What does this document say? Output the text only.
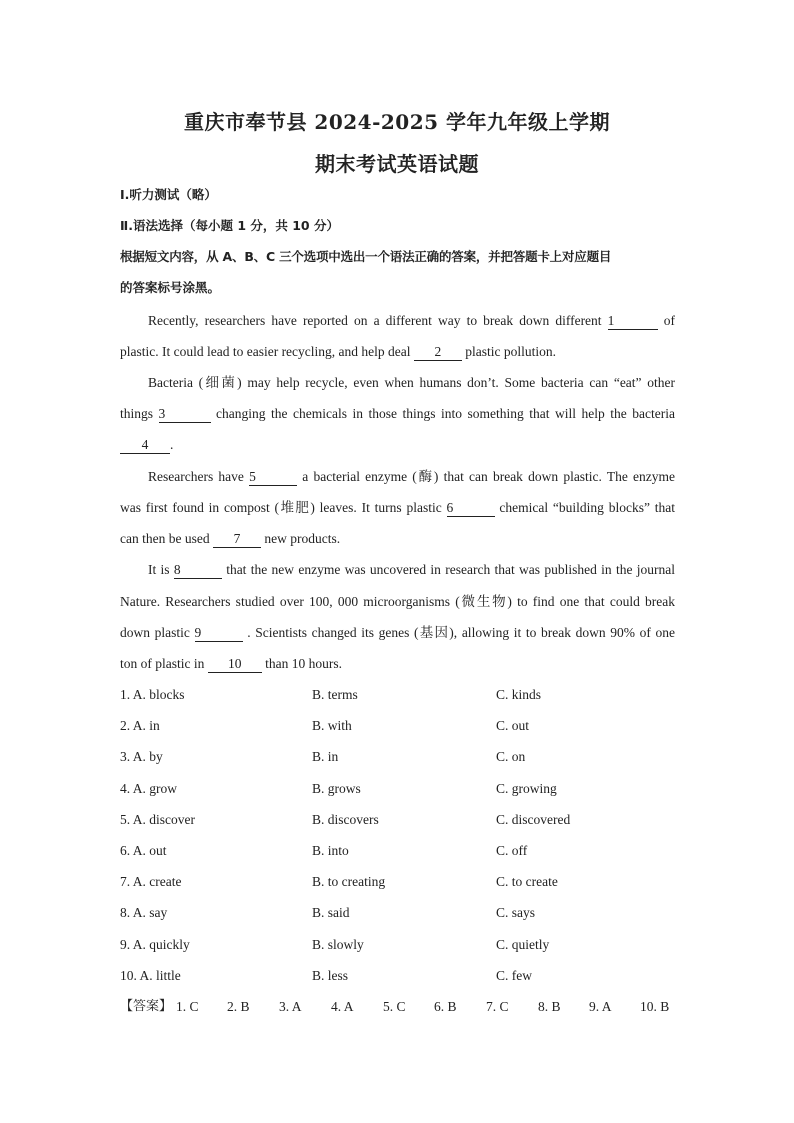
重庆市奉节县 2024-2025 学年九年级上学期
期末考试英语试题
Ⅰ.听力测试（略）
Ⅱ.语法选择（每小题 1 分，共 10 分）
根据短文内容，从 A、B、C 三个选项中选出一个语法正确的答案，并把答题卡上对应题目
的答案标号涂黑。
Recently, researchers have reported on a different way to break down different 1	of
plastic. It could lead to easier recycling, and help deal 2 plastic pollution.
Bacteria (细菌) may help recycle, even when humans don’t. Some bacteria can “eat” other
things 3	changing the chemicals in those things into something that will help the bacteria
4 .
Researchers have 5	a bacterial enzyme (酶) that can break down plastic. The enzyme
was first found in compost (堆肥) leaves. It turns plastic 6	chemical “building blocks” that
can then be used 7 new products.
It is 8	that the new enzyme was uncovered in research that was published in the journal
Nature. Researchers studied over 100, 000 microorganisms (微生物) to find one that could break
down plastic 9	. Scientists changed its genes (基因), allowing it to break down 90% of one
ton of plastic in 10 than 10 hours.
1. A. blocks	B. terms	C. kinds
2. A. in	B. with	C. out
3. A. by	B. in	C. on
4. A. grow	B. grows	C. growing
5. A. discover	B. discovers	C. discovered
6. A. out	B. into	C. off
7. A. create	B. to creating	C. to create
8. A. say	B. said	C. says
9. A. quickly	B. slowly	C. quietly
10. A. little	B. less	C. few
【答案】 1. C 2. B 3. A 4. A 5. C 6. B 7. C 8. B 9. A 10. B
